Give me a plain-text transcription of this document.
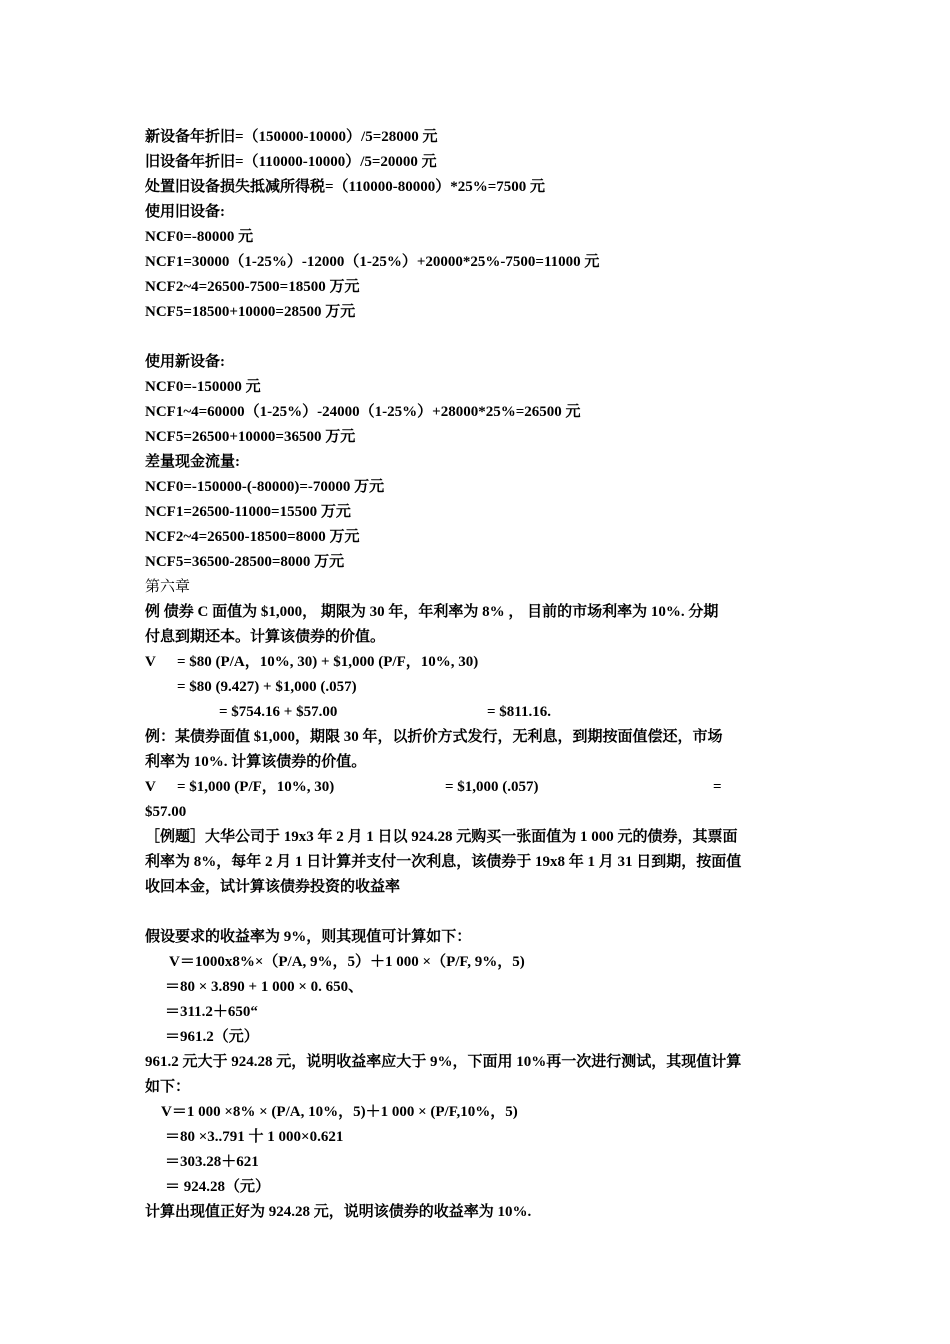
新设备年折旧=（150000-10000）/5=28000 元
旧设备年折旧=（110000-10000）/5=20000 元
处置旧设备损失抵减所得税=（110000-80000）*25%=7500 元
使用旧设备:
NCF0=-80000 元
NCF1=30000（1-25%）-12000（1-25%）+20000*25%-7500=11000 元
NCF2~4=26500-7500=18500 万元
NCF5=18500+10000=28500 万元
使用新设备:
NCF0=-150000 元
NCF1~4=60000（1-25%）-24000（1-25%）+28000*25%=26500 元
NCF5=26500+10000=36500 万元
差量现金流量:
NCF0=-150000-(-80000)=-70000 万元
NCF1=26500-11000=15500 万元
NCF2~4=26500-18500=8000 万元
NCF5=36500-28500=8000 万元
第六章
例 债券 C 面值为 $1,000， 期限为 30 年，年利率为 8% ， 目前的市场利率为 10%. 分期
付息到期还本。计算该债券的价值。
V = $80 (P/A，10%, 30) + $1,000 (P/F，10%, 30)
= $80 (9.427) + $1,000 (.057)
= $754.16 + $57.00	= $811.16.
例：某债券面值 $1,000，期限 30 年，以折价方式发行，无利息，到期按面值偿还，市场
利率为 10%. 计算该债券的价值。
V = $1,000 (P/F，10%, 30)	= $1,000 (.057)	=
$57.00
［例题］大华公司于 19x3 年 2 月 1 日以 924.28 元购买一张面值为 1 000 元的债券，其票面
利率为 8%，每年 2 月 1 日计算并支付一次利息，该债券于 19x8 年 1 月 31 日到期，按面值
收回本金，试计算该债券投资的收益率
假设要求的收益率为 9%，则其现值可计算如下：
V＝1000x8%×（P/A, 9%，5）＋1 000 ×（P/F, 9%，5)
＝80 × 3.890 + 1 000 × 0. 650、
＝311.2＋650“
＝961.2（元）
961.2 元大于 924.28 元，说明收益率应大于 9%，下面用 10%再一次进行测试，其现值计算
如下：
V＝1 000 ×8% × (P/A, 10%，5)＋1 000 × (P/F,10%，5)
＝80 ×3..791 十 1 000×0.621
＝303.28＋621
＝ 924.28（元）
计算出现值正好为 924.28 元，说明该债券的收益率为 10%.
